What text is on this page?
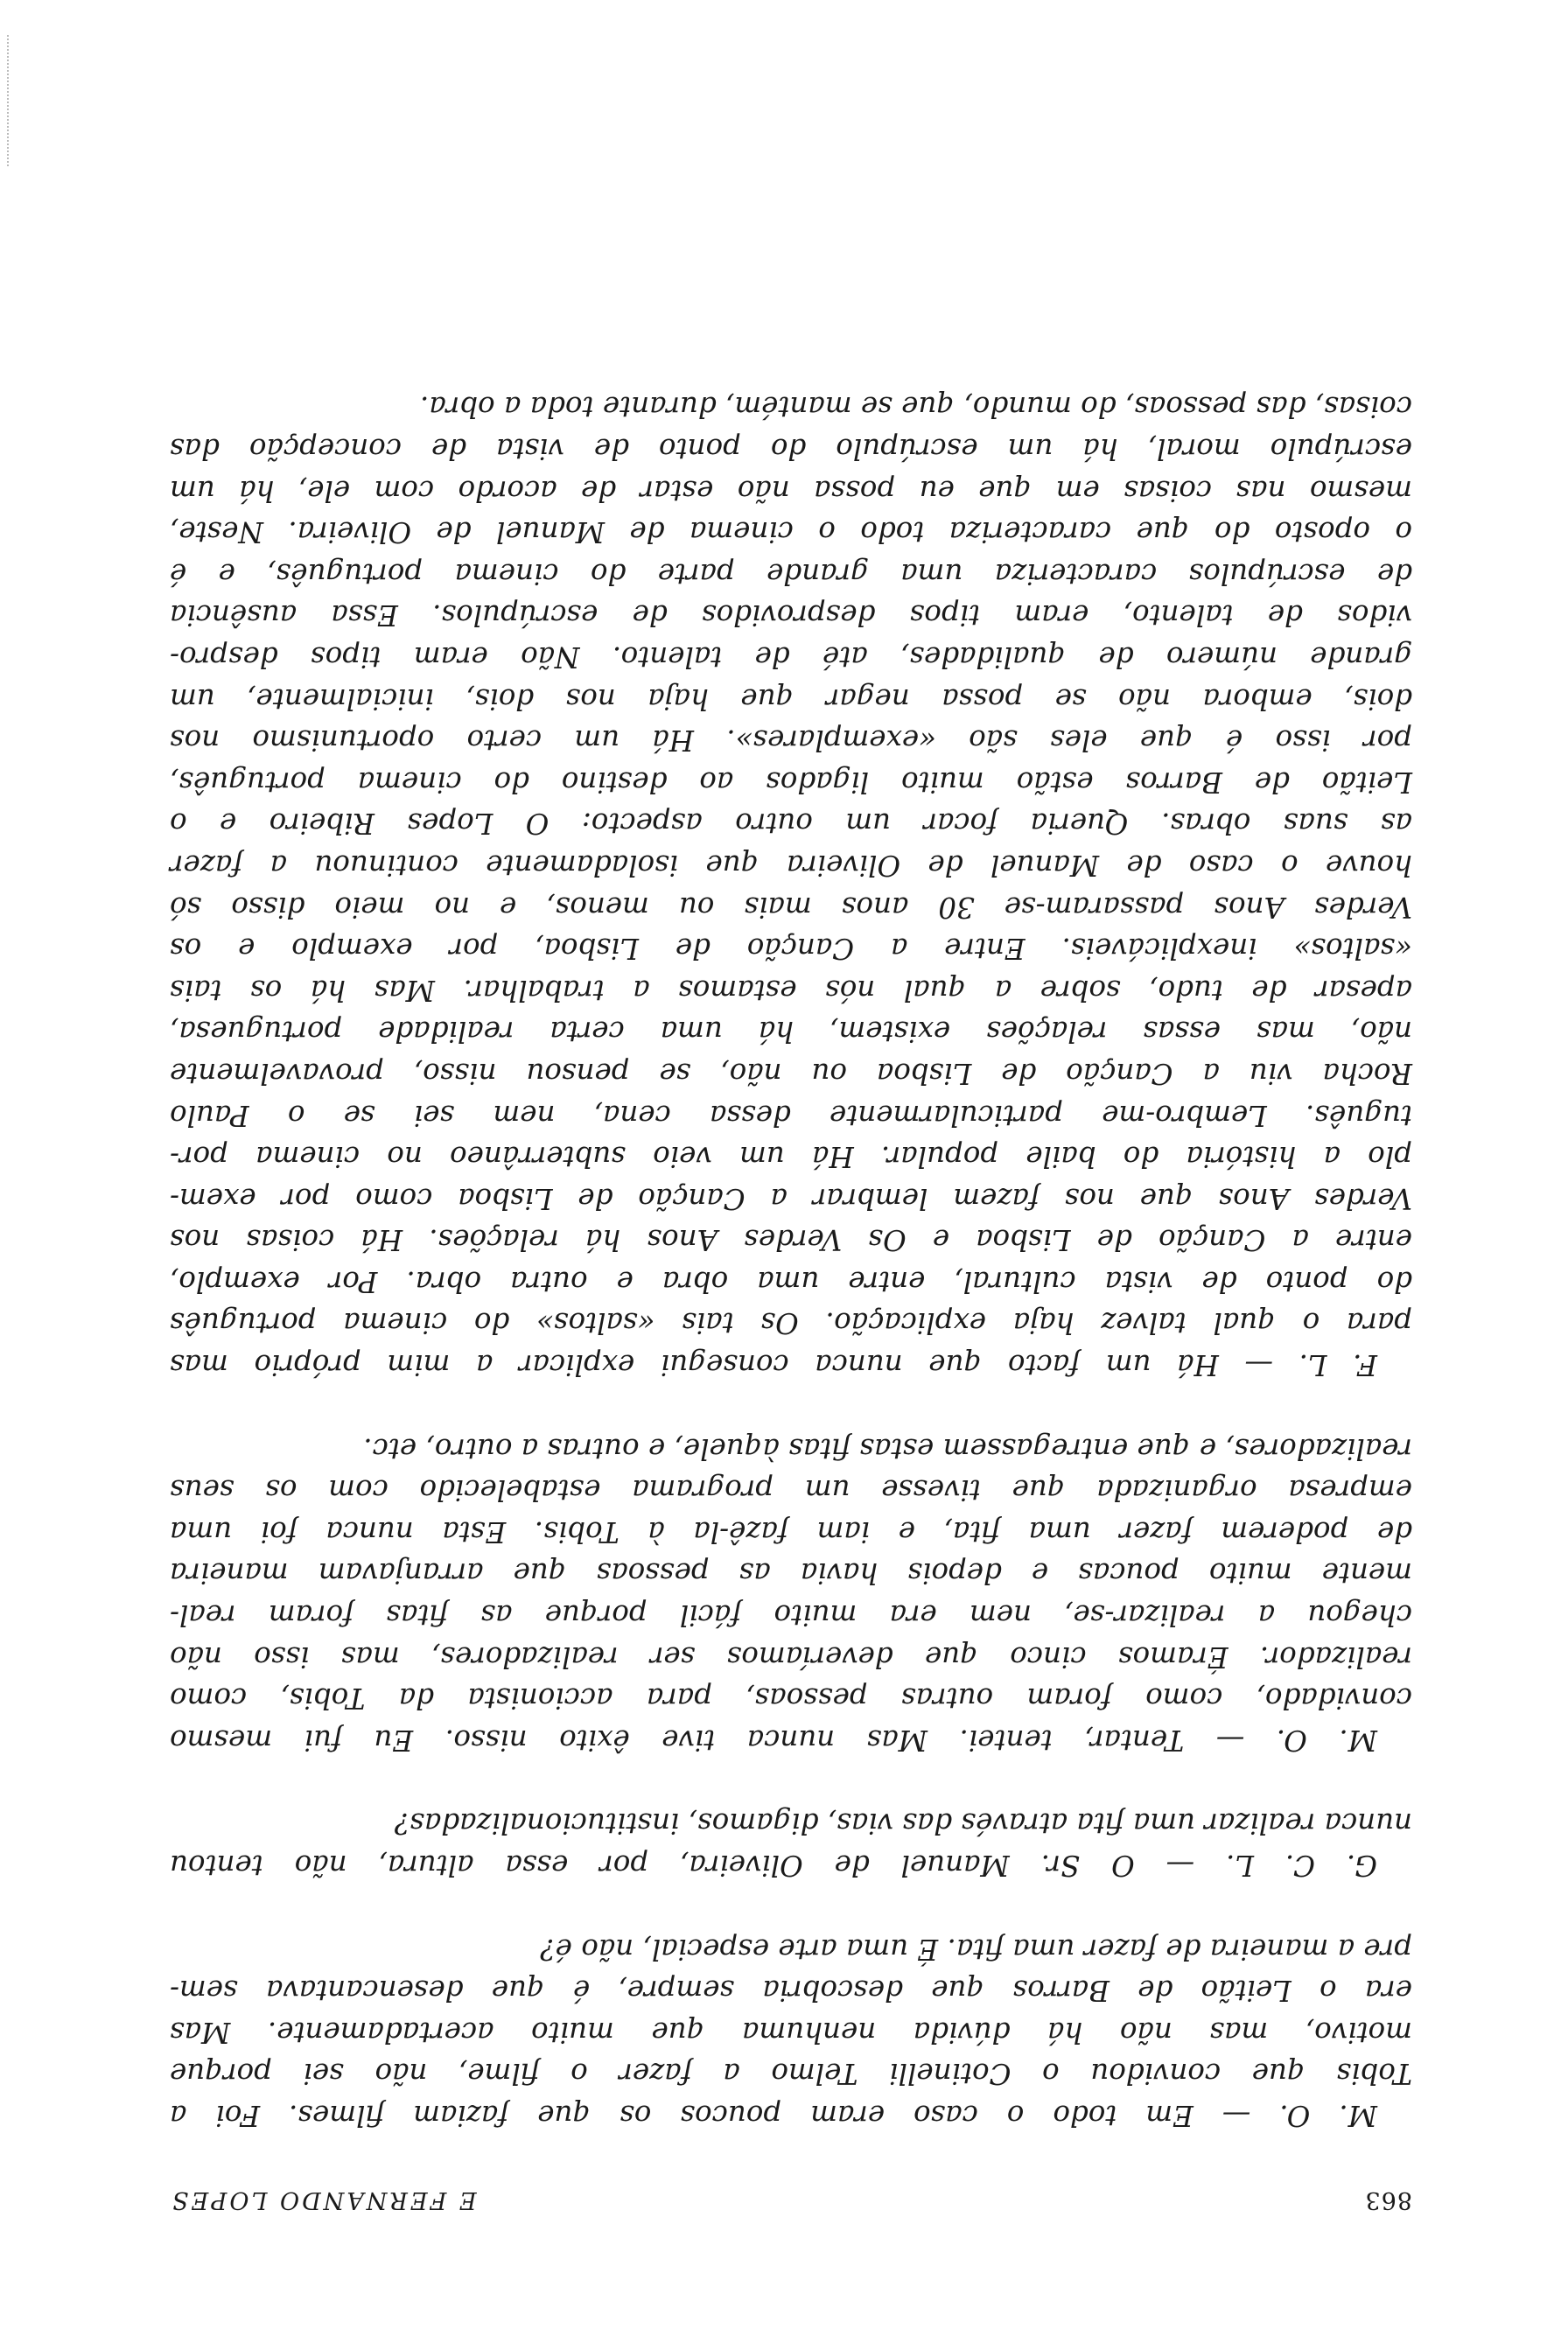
863
E FERNANDO LOPES

M. O. — Em todo o caso eram poucos os que faziam filmes. Foi a

Tobis que convidou o Cotinelli Telmo a fazer o filme, não sei porque

motivo, mas não há dúvida nenhuma que muito acertadamente. Mas

era o Leitão de Barros que descobria sempre, é que desencantava sem-

pre a maneira de fazer uma fita. É uma arte especial, não é?

G. C. L. — O Sr. Manuel de Oliveira, por essa altura, não tentou

nunca realizar uma fita através das vias, digamos, institucionalizadas?

M. O. — Tentar, tentei. Mas nunca tive êxito nisso. Eu fui mesmo

convidado, como foram outras pessoas, para accionista da Tobis, como

realizador. Éramos cinco que deveríamos ser realizadores, mas isso não

chegou a realizar-se, nem era muito fácil porque as fitas foram real-

mente muito poucas e depois havia as pessoas que arranjavam maneira

de poderem fazer uma fita, e iam fazê-la à Tobis. Esta nunca foi uma

empresa organizada que tivesse um programa estabelecido com os seus

realizadores, e que entregassem estas fitas àquele, e outras a outro, etc.

F. L. — Há um facto que nunca consegui explicar a mim próprio mas

para o qual talvez haja explicação. Os tais «saltos» do cinema português

do ponto de vista cultural, entre uma obra e outra obra. Por exemplo,

entre a Canção de Lisboa e Os Verdes Anos há relações. Há coisas nos

Verdes Anos que nos fazem lembrar a Canção de Lisboa como por exem-

plo a história do baile popular. Há um veio subterrâneo no cinema por-

tuguês. Lembro-me particularmente dessa cena, nem sei se o Paulo

Rocha viu a Canção de Lisboa ou não, se pensou nisso, provavelmente

não, mas essas relações existem, há uma certa realidade portuguesa,

apesar de tudo, sobre a qual nós estamos a trabalhar. Mas há os tais

«saltos» inexplicáveis. Entre a Canção de Lisboa, por exemplo e os

Verdes Anos passaram-se 30 anos mais ou menos, e no meio disso só

houve o caso de Manuel de Oliveira que isoladamente continuou a fazer

as suas obras. Queria focar um outro aspecto: O Lopes Ribeiro e o

Leitão de Barros estão muito ligados ao destino do cinema português,

por isso é que eles são «exemplares». Há um certo oportunismo nos

dois, embora não se possa negar que haja nos dois, inicialmente, um

grande número de qualidades, até de talento. Não eram tipos despro-

vidos de talento, eram tipos desprovidos de escrúpulos. Essa ausência

de escrúpulos caracteriza uma grande parte do cinema português, e é

o oposto do que caracteriza todo o cinema de Manuel de Oliveira. Neste,

mesmo nas coisas em que eu possa não estar de acordo com ele, há um

escrúpulo moral, há um escrúpulo do ponto de vista de concepção das

coisas, das pessoas, do mundo, que se mantém, durante toda a obra.
